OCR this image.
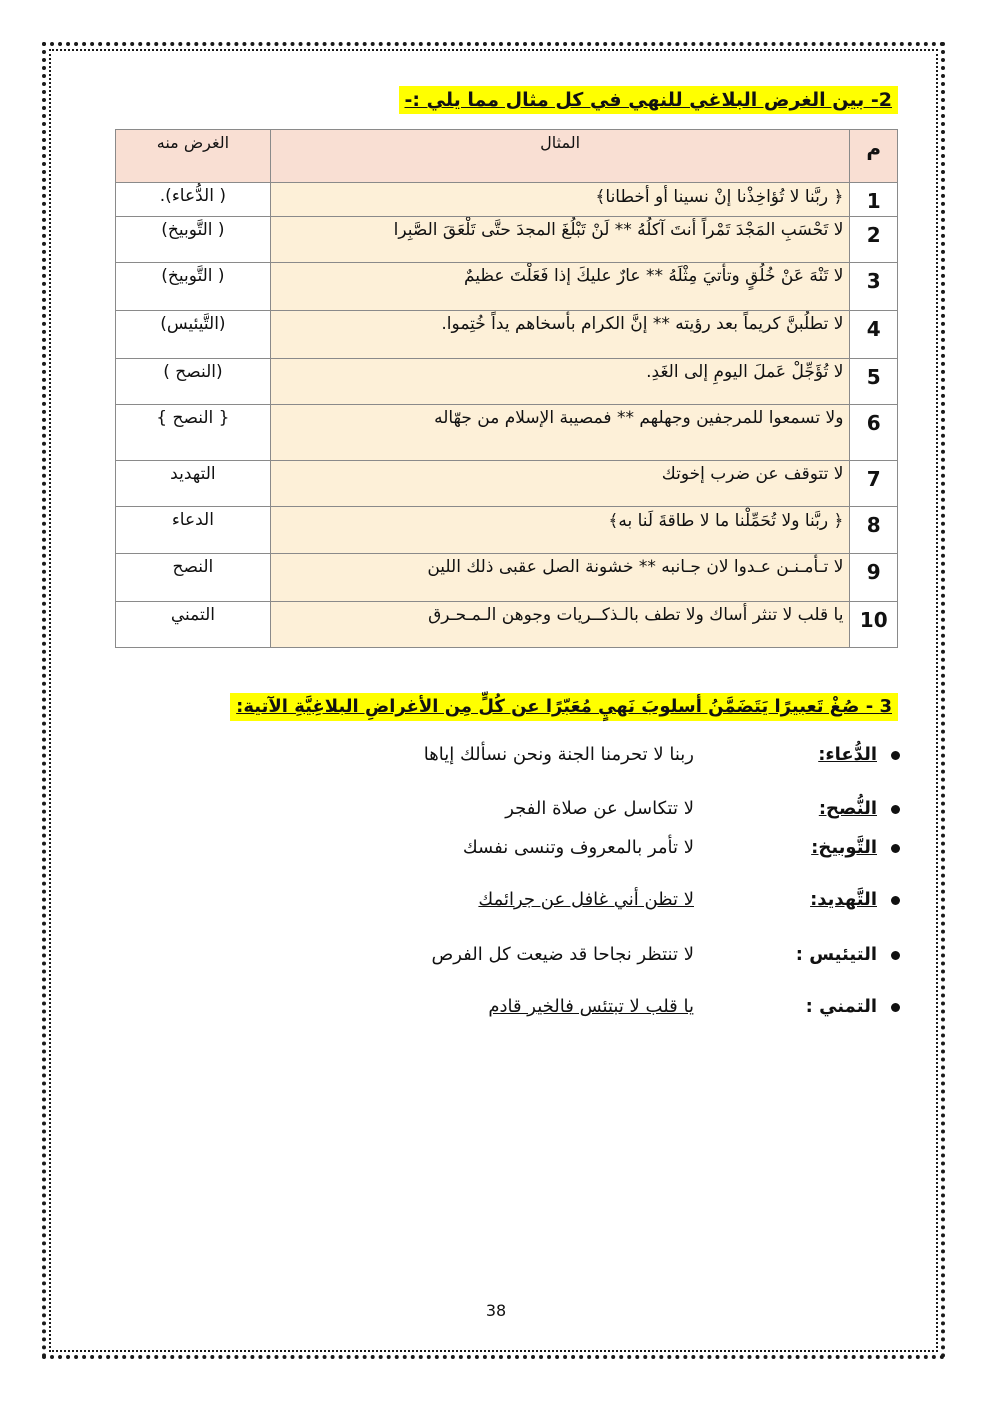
2- بين الغرض البلاغي للنهي في كل مثال مما يلي :-
م	المثال	الغرض منه
1	﴿ ربَّنا لا تُؤاخِذْنا إنْ نسينا أو أخطانا﴾	( الدُّعاء).
2	لا تَحْسَبِ المَجْدَ تَمْراً أنتَ آكلُهُ ** لَنْ تَبْلُغَ المجدَ حتَّى تَلْعَقَ الصَّبِرا	( التَّوبيخ)
3	لا تَنْهَ عَنْ خُلُقٍ وتأتيَ مِثْلَهُ ** عارٌ عليكَ إذا فَعَلْتَ عظيمٌ	( التَّوبيخ)
4	لا تطلُبنَّ كريماً بعد رؤيته ** إنَّ الكرام بأسخاهم يداً خُتِموا.	(التَّيئيس)
5	لا تُؤَجِّلْ عَملَ اليومِ إلى الغَدِ.	(النصح )
6	ولا تسمعوا للمرجفين وجهلهم ** فمصيبة الإسلام من جهّاله	{ النصح }
7	لا تتوقف عن ضرب إخوتك	التهديد
8	﴿ ربَّنا ولا تُحَمِّلْنا ما لا طاقةَ لَنا به﴾	الدعاء
9	لا تـأمـنـن عـدوا لان جـانبه ** خشونة الصل عقبى ذلك اللين	النصح
10	يا قلب لا تنثر أساك ولا تطف بالـذكــريات وجوهن الـمـحـرق	التمني
3 - صُغْ تَعبيرًا يَتَضَمَّنُ أسلوبَ نَهيٍ مُعَبّرًا عن كُلٍّ مِن الأغراضِ البلاغِيَّةِ الآتية:
الدُّعاء:
ربنا لا تحرمنا الجنة ونحن نسألك إياها
النُّصح:
لا تتكاسل عن صلاة الفجر
التَّوبيخ:
لا تأمر بالمعروف وتنسى نفسك
التَّهديد:
لا تظن أني غافل عن جرائمك
التيئيس :
لا تنتظر نجاحا قد ضيعت كل الفرص
التمني :
يا قلب لا تبتئس فالخير قادم
38
